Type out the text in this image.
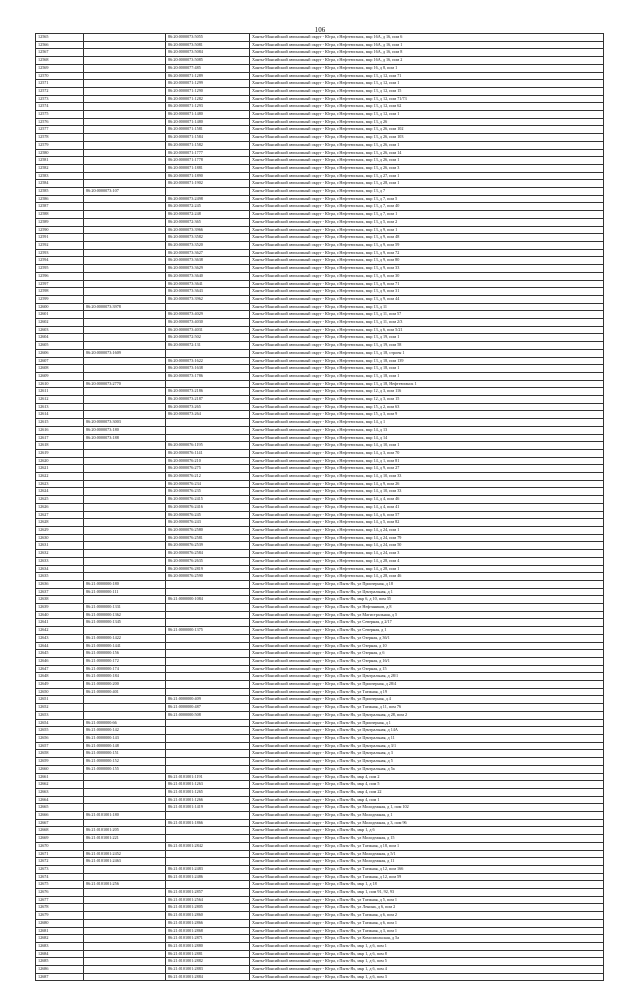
106
12565		86:20:0000073:5055	Ханты-Мансийский автономный округ - Югра, г.Нефтеюганск, мкр 16А, д 16, пом 6
12566		86:20:0000073:5081	Ханты-Мансийский автономный округ - Югра, г.Нефтеюганск, мкр 16А, д 16, пом 1
12567		86:20:0000073:5084	Ханты-Мансийский автономный округ - Югра, г.Нефтеюганск, мкр 16А, д 16, пом 8
12568		86:20:0000073:5085	Ханты-Мансийский автономный округ - Югра, г.Нефтеюганск, мкр 16А, д 16, пом 2
12569		86:20:0000077:485	Ханты-Мансийский автономный округ - Югра, г.Нефтеюганск, мкр 16, д 8, пом 1
12570		86:20:0000071:1289	Ханты-Мансийский автономный округ - Югра, г.Нефтеюганск, мкр 13, д 12, пом 71
12571		86:20:0000071:1299	Ханты-Мансийский автономный округ - Югра, г.Нефтеюганск, мкр 13, д 12, пом 1
12572		86:20:0000071:1290	Ханты-Мансийский автономный округ - Югра, г.Нефтеюганск, мкр 13, д 12, пом 15
12573		86:20:0000071:1282	Ханты-Мансийский автономный округ - Югра, г.Нефтеюганск, мкр 13, д 12, пом 71/73
12574		86:20:0000071:1293	Ханты-Мансийский автономный округ - Югра, г.Нефтеюганск, мкр 13, д 12, пом 62
12575		86:20:0000071:1480	Ханты-Мансийский автономный округ - Югра, г.Нефтеюганск, мкр 13, д 12, пом 1
12576		86:20:0000071:1480	Ханты-Мансийский автономный округ - Югра, г.Нефтеюганск, мкр 13, д 26
12577		86:20:0000071:1581	Ханты-Мансийский автономный округ - Югра, г.Нефтеюганск, мкр 13, д 26, пом 102
12578		86:20:0000071:1584	Ханты-Мансийский автономный округ - Югра, г.Нефтеюганск, мкр 13, д 26, пом 103
12579		86:20:0000071:1582	Ханты-Мансийский автономный округ - Югра, г.Нефтеюганск, мкр 13, д 26, пом 1
12580		86:20:0000071:1777	Ханты-Мансийский автономный округ - Югра, г.Нефтеюганск, мкр 13, д 26, пом 14
12581		86:20:0000071:1778	Ханты-Мансийский автономный округ - Югра, г.Нефтеюганск, мкр 13, д 26, пом 1
12582		86:20:0000071:1881	Ханты-Мансийский автономный округ - Югра, г.Нефтеюганск, мкр 13, д 26, пом 3
12583		86:20:0000071:1890	Ханты-Мансийский автономный округ - Югра, г.Нефтеюганск, мкр 13, д 27, пом 1
12584		86:20:0000071:1902	Ханты-Мансийский автономный округ - Югра, г.Нефтеюганск, мкр 13, д 28, пом 1
12585	86:20:0000073:107		Ханты-Мансийский автономный округ - Югра, г.Нефтеюганск, мкр 13, д 7
12586		86:20:0000073:2498	Ханты-Мансийский автономный округ - Югра, г.Нефтеюганск, мкр 13, д 7, пом 5
12587		86:20:0000072:245	Ханты-Мансийский автономный округ - Югра, г.Нефтеюганск, мкр 13, д 7, пом 40
12588		86:20:0000072:248	Ханты-Мансийский автономный округ - Югра, г.Нефтеюганск, мкр 13, д 7, пом 1
12589		86:20:0000072:365	Ханты-Мансийский автономный округ - Югра, г.Нефтеюганск, мкр 13, д 5, пом 2
12590		86:20:0000073:3966	Ханты-Мансийский автономный округ - Югра, г.Нефтеюганск, мкр 13, д 9, пом 1
12591		86:20:0000073:3582	Ханты-Мансийский автономный округ - Югра, г.Нефтеюганск, мкр 13, д 9, пом 48
12592		86:20:0000073:3520	Ханты-Мансийский автономный округ - Югра, г.Нефтеюганск, мкр 13, д 9, пом 59
12593		86:20:0000073:3627	Ханты-Мансийский автономный округ - Югра, г.Нефтеюганск, мкр 13, д 9, пом 72
12594		86:20:0000073:3638	Ханты-Мансийский автономный округ - Югра, г.Нефтеюганск, мкр 13, д 9, пом 80
12595		86:20:0000073:3629	Ханты-Мансийский автономный округ - Югра, г.Нефтеюганск, мкр 13, д 9, пом 33
12596		86:20:0000073:3640	Ханты-Мансийский автономный округ - Югра, г.Нефтеюганск, мкр 13, д 9, пом 30
12597		86:20:0000073:3641	Ханты-Мансийский автономный округ - Югра, г.Нефтеюганск, мкр 13, д 9, пом 71
12598		86:20:0000073:3643	Ханты-Мансийский автономный округ - Югра, г.Нефтеюганск, мкр 13, д 9, пом 31
12599		86:20:0000073:3962	Ханты-Мансийский автономный округ - Югра, г.Нефтеюганск, мкр 13, д 9, пом 44
12600	86:20:0000073:3978		Ханты-Мансийский автономный округ - Югра, г.Нефтеюганск, мкр 13, д 11
12601		86:20:0000073:4029	Ханты-Мансийский автономный округ - Югра, г.Нефтеюганск, мкр 13, д 11, пом 57
12602		86:20:0000073:4030	Ханты-Мансийский автономный округ - Югра, г.Нефтеюганск, мкр 13, д 11, пом 2/3
12603		86:20:0000073:4031	Ханты-Мансийский автономный округ - Югра, г.Нефтеюганск, мкр 13, д 6, пом 5/21
12604		86:20:0000072:502	Ханты-Мансийский автономный округ - Югра, г.Нефтеюганск, мкр 13, д 19, пом 1
12605		86:20:0000072:131	Ханты-Мансийский автономный округ - Югра, г.Нефтеюганск, мкр 13, д 19, пом 58
12606	86:20:0000073:1609		Ханты-Мансийский автономный округ - Югра, г.Нефтеюганск, мкр 13, д 18, строен 1
12607		86:20:0000073:1622	Ханты-Мансийский автономный округ - Югра, г.Нефтеюганск, мкр 13, д 18, пом 139
12608		86:20:0000073:1638	Ханты-Мансийский автономный округ - Югра, г.Нефтеюганск, мкр 13, д 18, пом 1
12609		86:20:0000073:1786	Ханты-Мансийский автономный округ - Югра, г.Нефтеюганск, мкр 13, д 18, пом 1
12610	86:20:0000073:2770		Ханты-Мансийский автономный округ - Югра, г.Нефтеюганск, мкр 13, д 18, Нефтеюганск 1
12611		86:20:0000073:2186	Ханты-Мансийский автономный округ - Югра, г.Нефтеюганск, мкр 12, д 3, пом 116
12612		86:20:0000073:2187	Ханты-Мансийский автономный округ - Югра, г.Нефтеюганск, мкр 12, д 3, пом 15
12613		86:20:0000073:265	Ханты-Мансийский автономный округ - Югра, г.Нефтеюганск, мкр 15, д 2, пом 63
12614		86:20:0000073:264	Ханты-Мансийский автономный округ - Югра, г.Нефтеюганск, мкр 15, д 3, пом 9
12615	86:20:0000073:3003		Ханты-Мансийский автономный округ - Югра, г.Нефтеюганск, мкр 14, д 1
12616	86:20:0000073:180		Ханты-Мансийский автономный округ - Югра, г.Нефтеюганск, мкр 14, д 13
12617	86:20:0000073:188		Ханты-Мансийский автономный округ - Югра, г.Нефтеюганск, мкр 14, д 14
12618		86:20:0000076:1195	Ханты-Мансийский автономный округ - Югра, г.Нефтеюганск, мкр 14, д 10, пом 1
12619		86:20:0000076:1141	Ханты-Мансийский автономный округ - Югра, г.Нефтеюганск, мкр 14, д 3, пом 70
12620		86:20:0000076:210	Ханты-Мансийский автономный округ - Югра, г.Нефтеюганск, мкр 14, д 1, пом 81
12621		86:20:0000076:275	Ханты-Мансийский автономный округ - Югра, г.Нефтеюганск, мкр 14, д 9, пом 27
12622		86:20:0000076:212	Ханты-Мансийский автономный округ - Югра, г.Нефтеюганск, мкр 14, д 10, пом 33
12623		86:20:0000076:234	Ханты-Мансийский автономный округ - Югра, г.Нефтеюганск, мкр 14, д 9, пом 26
12624		86:20:0000076:235	Ханты-Мансийский автономный округ - Югра, г.Нефтеюганск, мкр 14, д 10, пом 33
12625		86:20:0000076:2415	Ханты-Мансийский автономный округ - Югра, г.Нефтеюганск, мкр 14, д 4, пом 46
12626		86:20:0000076:2416	Ханты-Мансийский автономный округ - Югра, г.Нефтеюганск, мкр 14, д 4, пом 41
12627		86:20:0000076:245	Ханты-Мансийский автономный округ - Югра, г.Нефтеюганск, мкр 14, д 6, пом 57
12628		86:20:0000076:243	Ханты-Мансийский автономный округ - Югра, г.Нефтеюганск, мкр 14, д 5, пом 82
12629		86:20:0000076:2580	Ханты-Мансийский автономный округ - Югра, г.Нефтеюганск, мкр 14, д 24, пом 1
12630		86:20:0000076:2581	Ханты-Мансийский автономный округ - Югра, г.Нефтеюганск, мкр 14, д 24, пом 79
12631		86:20:0000076:2539	Ханты-Мансийский автономный округ - Югра, г.Нефтеюганск, мкр 14, д 24, пом 50
12632		86:20:0000076:2584	Ханты-Мансийский автономный округ - Югра, г.Нефтеюганск, мкр 14, д 24, пом 3
12633		86:20:0000076:2635	Ханты-Мансийский автономный округ - Югра, г.Нефтеюганск, мкр 14, д 28, пом 4
12634		86:20:0000076:2819	Ханты-Мансийский автономный округ - Югра, г.Нефтеюганск, мкр 14, д 28, пом 1
12635		86:20:0000076:2590	Ханты-Мансийский автономный округ - Югра, г.Нефтеюганск, мкр 14, д 28, пом 46
12636	86:21:0000000:180		Ханты-Мансийский автономный округ - Югра, г.Пыть-Ях, ул Приозерная, д 18
12637	86:21:0000000:111		Ханты-Мансийский автономный округ - Югра, г.Пыть-Ях, ул Центральная, д 1
12638		86:21:0000000:1084	Ханты-Мансийский автономный округ - Югра, г.Пыть-Ях, мкр 6, д 10, пом 35
12639	86:21:0000000:1331		Ханты-Мансийский автономный округ - Югра, г.Пыть-Ях, ул Нефтяников, д 8
12640	86:21:0000000:1362		Ханты-Мансийский автономный округ - Югра, г.Пыть-Ях, ул Магистральная, д 5
12641	86:21:0000000:1345		Ханты-Мансийский автономный округ - Югра, г.Пыть-Ях, ул Северная, д 2/17
12642		86:21:0000000:1375	Ханты-Мансийский автономный округ - Югра, г.Пыть-Ях, ул Северная, д 1
12643	86:21:0000000:1422		Ханты-Мансийский автономный округ - Югра, г.Пыть-Ях, ул Озерная, д 36/1
12644	86:21:0000000:1441		Ханты-Мансийский автономный округ - Югра, г.Пыть-Ях, ул Озерная, д 10
12645	86:21:0000000:156		Ханты-Мансийский автономный округ - Югра, г.Пыть-Ях, ул Озерная, д 6
12646	86:21:0000000:172		Ханты-Мансийский автономный округ - Югра, г.Пыть-Ях, ул Озерная, д 16/1
12647	86:21:0000000:174		Ханты-Мансийский автономный округ - Югра, г.Пыть-Ях, ул Озерная, д 15
12648	86:21:0000000:184		Ханты-Мансийский автономный округ - Югра, г.Пыть-Ях, ул Центральная, д 28/1
12649	86:21:0000000:200		Ханты-Мансийский автономный округ - Югра, г.Пыть-Ях, ул Приозерная, д 28/4
12650	86:21:0000000:401		Ханты-Мансийский автономный округ - Югра, г.Пыть-Ях, ул Таежная, д 19
12651		86:21:0000000:409	Ханты-Мансийский автономный округ - Югра, г.Пыть-Ях, ул Приозерная, д 4
12652		86:21:0000000:487	Ханты-Мансийский автономный округ - Югра, г.Пыть-Ях, ул Таежная, д 11, пом 76
12653		86:21:0000000:508	Ханты-Мансийский автономный округ - Югра, г.Пыть-Ях, ул Центральная, д 28, пом 2
12654	86:21:0000000:66		Ханты-Мансийский автономный округ - Югра, г.Пыть-Ях, ул Приозерная, д 1
12655	86:21:0000000:142		Ханты-Мансийский автономный округ - Югра, г.Пыть-Ях, ул Центральная, д 14А
12656	86:21:0000000:143		Ханты-Мансийский автономный округ - Югра, г.Пыть-Ях, ул Центральная, д 11
12657	86:21:0000000:148		Ханты-Мансийский автономный округ - Югра, г.Пыть-Ях, ул Центральная, д 3/1
12658	86:21:0000000:151		Ханты-Мансийский автономный округ - Югра, г.Пыть-Ях, ул Центральная, д 3
12659	86:21:0000000:152		Ханты-Мансийский автономный округ - Югра, г.Пыть-Ях, ул Центральная, д 5
12660	86:21:0000000:155		Ханты-Мансийский автономный округ - Югра, г.Пыть-Ях, ул Центральная, д 5а
12661		86:21:0101001:1191	Ханты-Мансийский автономный округ - Югра, г.Пыть-Ях, мкр 4, пом 2
12662		86:21:0101001:1263	Ханты-Мансийский автономный округ - Югра, г.Пыть-Ях, мкр 4, пом 5
12663		86:21:0101001:1265	Ханты-Мансийский автономный округ - Югра, г.Пыть-Ях, мкр 4, пом 22
12664		86:21:0101001:1266	Ханты-Мансийский автономный округ - Югра, г.Пыть-Ях, мкр 4, пом 1
12665		86:21:0101001:1419	Ханты-Мансийский автономный округ - Югра, г.Пыть-Ях, ул Молодежная, д 1, пом 102
12666	86:21:0101001:180		Ханты-Мансийский автономный округ - Югра, г.Пыть-Ях, ул Молодежная, д 1
12667		86:21:0101001:1866	Ханты-Мансийский автономный округ - Югра, г.Пыть-Ях, ул Молодежная, д 3, пом 96
12668	86:21:0101001:205		Ханты-Мансийский автономный округ - Югра, г.Пыть-Ях, мкр 1, д 6
12669	86:21:0101001:221		Ханты-Мансийский автономный округ - Югра, г.Пыть-Ях, ул Молодежная, д 15
12670		86:21:0101001:2842	Ханты-Мансийский автономный округ - Югра, г.Пыть-Ях, ул Таежная, д 18, пом 1
12671	86:21:0101001:2452		Ханты-Мансийский автономный округ - Югра, г.Пыть-Ях, ул Молодежная, д 5/1
12672	86:21:0101001:2463		Ханты-Мансийский автономный округ - Югра, г.Пыть-Ях, ул Молодежная, д 11
12673		86:21:0101001:2483	Ханты-Мансийский автономный округ - Югра, г.Пыть-Ях, ул Таежная, д 12, пом 166
12674		86:21:0101001:2486	Ханты-Мансийский автономный округ - Югра, г.Пыть-Ях, ул Таежная, д 12, пом 59
12675	86:21:0101001:256		Ханты-Мансийский автономный округ - Югра, г.Пыть-Ях, мкр 1, д 18
12676		86:21:0101001:2857	Ханты-Мансийский автономный округ - Югра, г.Пыть-Ях, мкр 1, пом 91, 92, 93
12677		86:21:0101001:2564	Ханты-Мансийский автономный округ - Югра, г.Пыть-Ях, ул Таежная, д 5, пом 1
12678		86:21:0101001:2805	Ханты-Мансийский автономный округ - Югра, г.Пыть-Ях, ул Ленина, д 6, пом 2
12679		86:21:0101001:2860	Ханты-Мансийский автономный округ - Югра, г.Пыть-Ях, ул Таежная, д 6, пом 2
12680		86:21:0101001:2866	Ханты-Мансийский автономный округ - Югра, г.Пыть-Ях, ул Таежная, д 6, пом 1
12681		86:21:0101001:2868	Ханты-Мансийский автономный округ - Югра, г.Пыть-Ях, ул Таежная, д 3, пом 1
12682		86:21:0101001:2871	Ханты-Мансийский автономный округ - Югра, г.Пыть-Ях, ул Комсомольская, д 5а
12683		86:21:0101001:2880	Ханты-Мансийский автономный округ - Югра, г.Пыть-Ях, мкр 1, д 6, пом 1
12684		86:21:0101001:2881	Ханты-Мансийский автономный округ - Югра, г.Пыть-Ях, мкр 1, д 6, пом 8
12685		86:21:0101001:2882	Ханты-Мансийский автономный округ - Югра, г.Пыть-Ях, мкр 1, д 6, пом 5
12686		86:21:0101001:2883	Ханты-Мансийский автономный округ - Югра, г.Пыть-Ях, мкр 1, д 6, пом 4
12687		86:21:0101001:2884	Ханты-Мансийский автономный округ - Югра, г.Пыть-Ях, мкр 1, д 6, пом 3
